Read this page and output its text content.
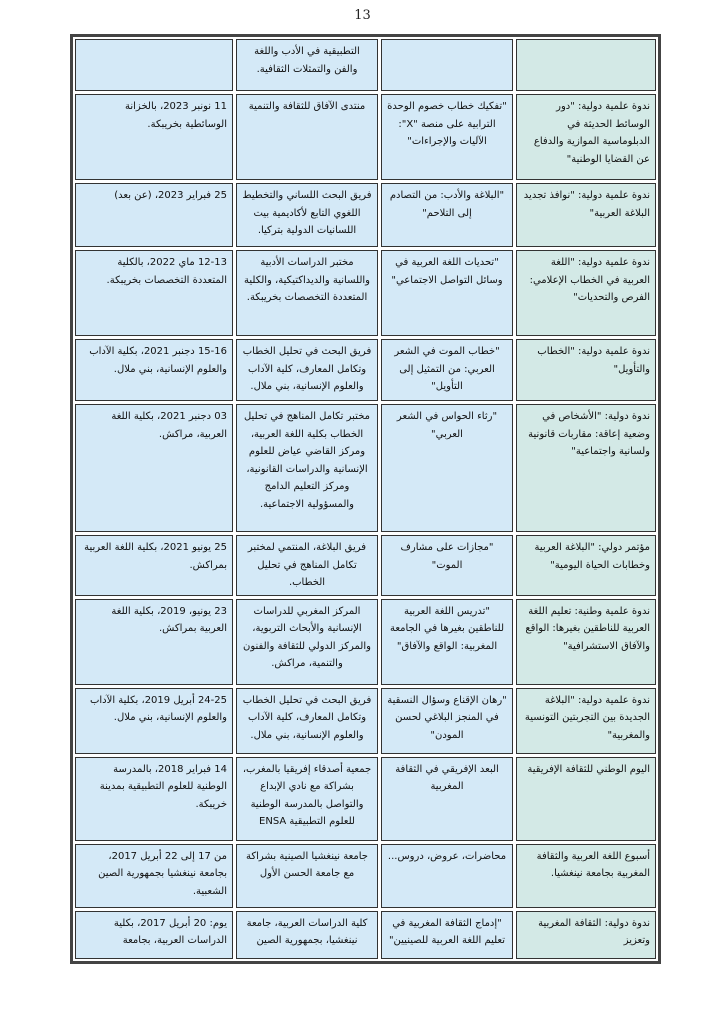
13
		التطبيقية في الأدب واللغة والفن والتمثلات الثقافية.	
ندوة علمية دولية: "دور الوسائط الحديثة في الدبلوماسية الموازية والدفاع عن القضايا الوطنية"	"تفكيك خطاب خصوم الوحدة الترابية على منصة "X": الآليات والإجراءات"	منتدى الآفاق للثقافة والتنمية	11 نونبر 2023، بالخزانة الوسائطية بخريبكة.
ندوة علمية دولية: "نوافذ تجديد البلاغة العربية"	"البلاغة والأدب: من التصادم إلى التلاحم"	فريق البحث اللساني والتخطيط اللغوي التابع لأكاديمية بيت اللسانيات الدولية بتركيا.	25 فبراير 2023، (عن بعد)
ندوة علمية دولية: "اللغة العربية في الخطاب الإعلامي: الفرص والتحديات"	"تحديات اللغة العربية في وسائل التواصل الاجتماعي"	مختبر الدراسات الأدبية واللسانية والديداكتيكية، والكلية المتعددة التخصصات بخريبكة.	12-13 ماي 2022، بالكلية المتعددة التخصصات بخريبكة.
ندوة علمية دولية: "الخطاب والتأويل"	"خطاب الموت في الشعر العربي: من التمثيل إلى التأويل"	فريق البحث في تحليل الخطاب وتكامل المعارف، كلية الآداب والعلوم الإنسانية، بني ملال.	15-16 دجنبر 2021، بكلية الآداب والعلوم الإنسانية، بني ملال.
ندوة دولية: "الأشخاص في وضعية إعاقة: مقاربات قانونية ولسانية واجتماعية"	"رثاء الحواس في الشعر العربي"	مختبر تكامل المناهج في تحليل الخطاب بكلية اللغة العربية، ومركز القاضي عياض للعلوم الإنسانية والدراسات القانونية، ومركز التعليم الدامج والمسؤولية الاجتماعية.	03 دجنبر 2021، بكلية اللغة العربية، مراكش.
مؤتمر دولي: "البلاغة العربية وخطابات الحياة اليومية"	"مجازات على مشارف الموت"	فريق البلاغة، المنتمي لمختبر تكامل المناهج في تحليل الخطاب.	25 يونيو 2021، بكلية اللغة العربية بمراكش.
ندوة علمية وطنية: تعليم اللغة العربية للناطقين بغيرها: الواقع والآفاق الاستشرافية"	"تدريس اللغة العربية للناطقين بغيرها في الجامعة المغربية: الواقع والآفاق"	المركز المغربي للدراسات الإنسانية والأبحاث التربوية، والمركز الدولي للثقافة والفنون والتنمية، مراكش.	23 يونيو، 2019، بكلية اللغة العربية بمراكش.
ندوة علمية دولية: "البلاغة الجديدة بين التجربتين التونسية والمغربية"	"رهان الإقناع وسؤال النسقية في المنجز البلاغي لحسن المودن"	فريق البحث في تحليل الخطاب وتكامل المعارف، كلية الآداب والعلوم الإنسانية، بني ملال.	24-25 أبريل 2019، بكلية الآداب والعلوم الإنسانية، بني ملال.
اليوم الوطني للثقافة الإفريقية	البعد الإفريقي في الثقافة المغربية	جمعية أصدقاء إفريقيا بالمغرب، بشراكة مع نادي الإبداع والتواصل بالمدرسة الوطنية للعلوم التطبيقية ENSA	14 فبراير 2018، بالمدرسة الوطنية للعلوم التطبيقية بمدينة خريبكة.
أسبوع اللغة العربية والثقافة المغربية بجامعة نينغشيا.	محاضرات، عروض، دروس...	جامعة نينغشيا الصينية بشراكة مع جامعة الحسن الأول	من 17 إلى 22 أبريل 2017، بجامعة نينغشيا بجمهورية الصين الشعبية.
ندوة دولية: الثقافة المغربية وتعزيز	"إدماج الثقافة المغربية في تعليم اللغة العربية للصينيين"	كلية الدراسات العربية، جامعة نينغشيا، بجمهورية الصين	يوم: 20 أبريل 2017، بكلية الدراسات العربية، بجامعة
